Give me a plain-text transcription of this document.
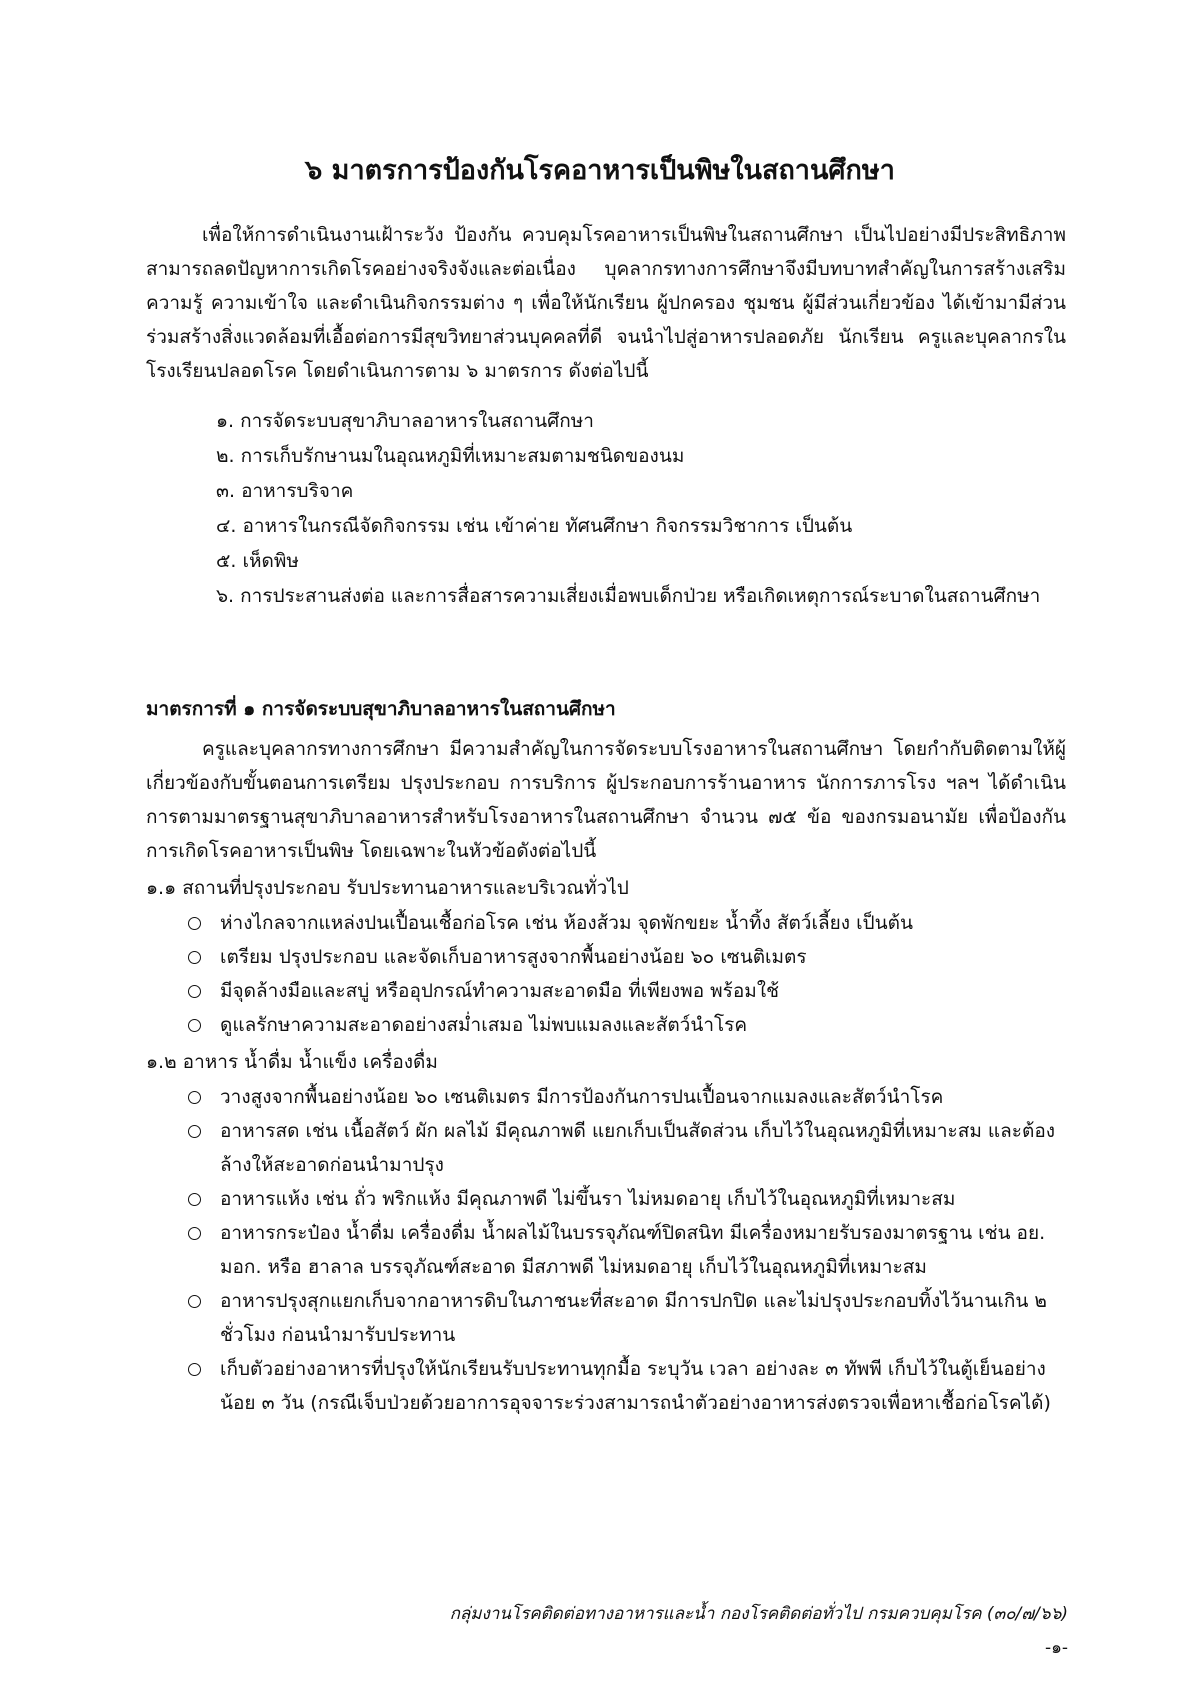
๖ มาตรการป้องกันโรคอาหารเป็นพิษในสถานศึกษา

เพื่อให้การดำเนินงานเฝ้าระวัง ป้องกัน ควบคุมโรคอาหารเป็นพิษในสถานศึกษา เป็นไปอย่างมีประสิทธิภาพ สามารถลดปัญหาการเกิดโรคอย่างจริงจังและต่อเนื่อง บุคลากรทางการศึกษาจึงมีบทบาทสำคัญในการสร้างเสริมความรู้ ความเข้าใจ และดำเนินกิจกรรมต่าง ๆ เพื่อให้นักเรียน ผู้ปกครอง ชุมชน ผู้มีส่วนเกี่ยวข้อง ได้เข้ามามีส่วนร่วมสร้างสิ่งแวดล้อมที่เอื้อต่อการมีสุขวิทยาส่วนบุคคลที่ดี จนนำไปสู่อาหารปลอดภัย นักเรียน ครูและบุคลากรในโรงเรียนปลอดโรค โดยดำเนินการตาม ๖ มาตรการ ดังต่อไปนี้

๑. การจัดระบบสุขาภิบาลอาหารในสถานศึกษา

๒. การเก็บรักษานมในอุณหภูมิที่เหมาะสมตามชนิดของนม

๓. อาหารบริจาค

๔. อาหารในกรณีจัดกิจกรรม เช่น เข้าค่าย ทัศนศึกษา กิจกรรมวิชาการ เป็นต้น

๕. เห็ดพิษ

๖. การประสานส่งต่อ และการสื่อสารความเสี่ยงเมื่อพบเด็กป่วย หรือเกิดเหตุการณ์ระบาดในสถานศึกษา

มาตรการที่ ๑ การจัดระบบสุขาภิบาลอาหารในสถานศึกษา

ครูและบุคลากรทางการศึกษา มีความสำคัญในการจัดระบบโรงอาหารในสถานศึกษา โดยกำกับติดตามให้ผู้เกี่ยวข้องกับขั้นตอนการเตรียม ปรุงประกอบ การบริการ ผู้ประกอบการร้านอาหาร นักการภารโรง ฯลฯ ได้ดำเนินการตามมาตรฐานสุขาภิบาลอาหารสำหรับโรงอาหารในสถานศึกษา จำนวน ๗๕ ข้อ ของกรมอนามัย เพื่อป้องกันการเกิดโรคอาหารเป็นพิษ โดยเฉพาะในหัวข้อดังต่อไปนี้

๑.๑ สถานที่ปรุงประกอบ รับประทานอาหารและบริเวณทั่วไป

ห่างไกลจากแหล่งปนเปื้อนเชื้อก่อโรค เช่น ห้องส้วม จุดพักขยะ น้ำทิ้ง สัตว์เลี้ยง เป็นต้น
เตรียม ปรุงประกอบ และจัดเก็บอาหารสูงจากพื้นอย่างน้อย ๖๐ เซนติเมตร
มีจุดล้างมือและสบู่ หรืออุปกรณ์ทำความสะอาดมือ ที่เพียงพอ พร้อมใช้
ดูแลรักษาความสะอาดอย่างสม่ำเสมอ ไม่พบแมลงและสัตว์นำโรค

๑.๒ อาหาร น้ำดื่ม น้ำแข็ง เครื่องดื่ม

วางสูงจากพื้นอย่างน้อย ๖๐ เซนติเมตร มีการป้องกันการปนเปื้อนจากแมลงและสัตว์นำโรค
อาหารสด เช่น เนื้อสัตว์ ผัก ผลไม้ มีคุณภาพดี แยกเก็บเป็นสัดส่วน เก็บไว้ในอุณหภูมิที่เหมาะสม และต้องล้างให้สะอาดก่อนนำมาปรุง
อาหารแห้ง เช่น ถั่ว พริกแห้ง มีคุณภาพดี ไม่ขึ้นรา ไม่หมดอายุ เก็บไว้ในอุณหภูมิที่เหมาะสม
อาหารกระป๋อง น้ำดื่ม เครื่องดื่ม น้ำผลไม้ในบรรจุภัณฑ์ปิดสนิท มีเครื่องหมายรับรองมาตรฐาน เช่น อย. มอก. หรือ ฮาลาล บรรจุภัณฑ์สะอาด มีสภาพดี ไม่หมดอายุ เก็บไว้ในอุณหภูมิที่เหมาะสม
อาหารปรุงสุกแยกเก็บจากอาหารดิบในภาชนะที่สะอาด มีการปกปิด และไม่ปรุงประกอบทิ้งไว้นานเกิน ๒ ชั่วโมง ก่อนนำมารับประทาน
เก็บตัวอย่างอาหารที่ปรุงให้นักเรียนรับประทานทุกมื้อ ระบุวัน เวลา อย่างละ ๓ ทัพพี เก็บไว้ในตู้เย็นอย่างน้อย ๓ วัน (กรณีเจ็บป่วยด้วยอาการอุจจาระร่วงสามารถนำตัวอย่างอาหารส่งตรวจเพื่อหาเชื้อก่อโรคได้)

กลุ่มงานโรคติดต่อทางอาหารและน้ำ กองโรคติดต่อทั่วไป กรมควบคุมโรค (๓๐/๗/๖๖)

-๑-
